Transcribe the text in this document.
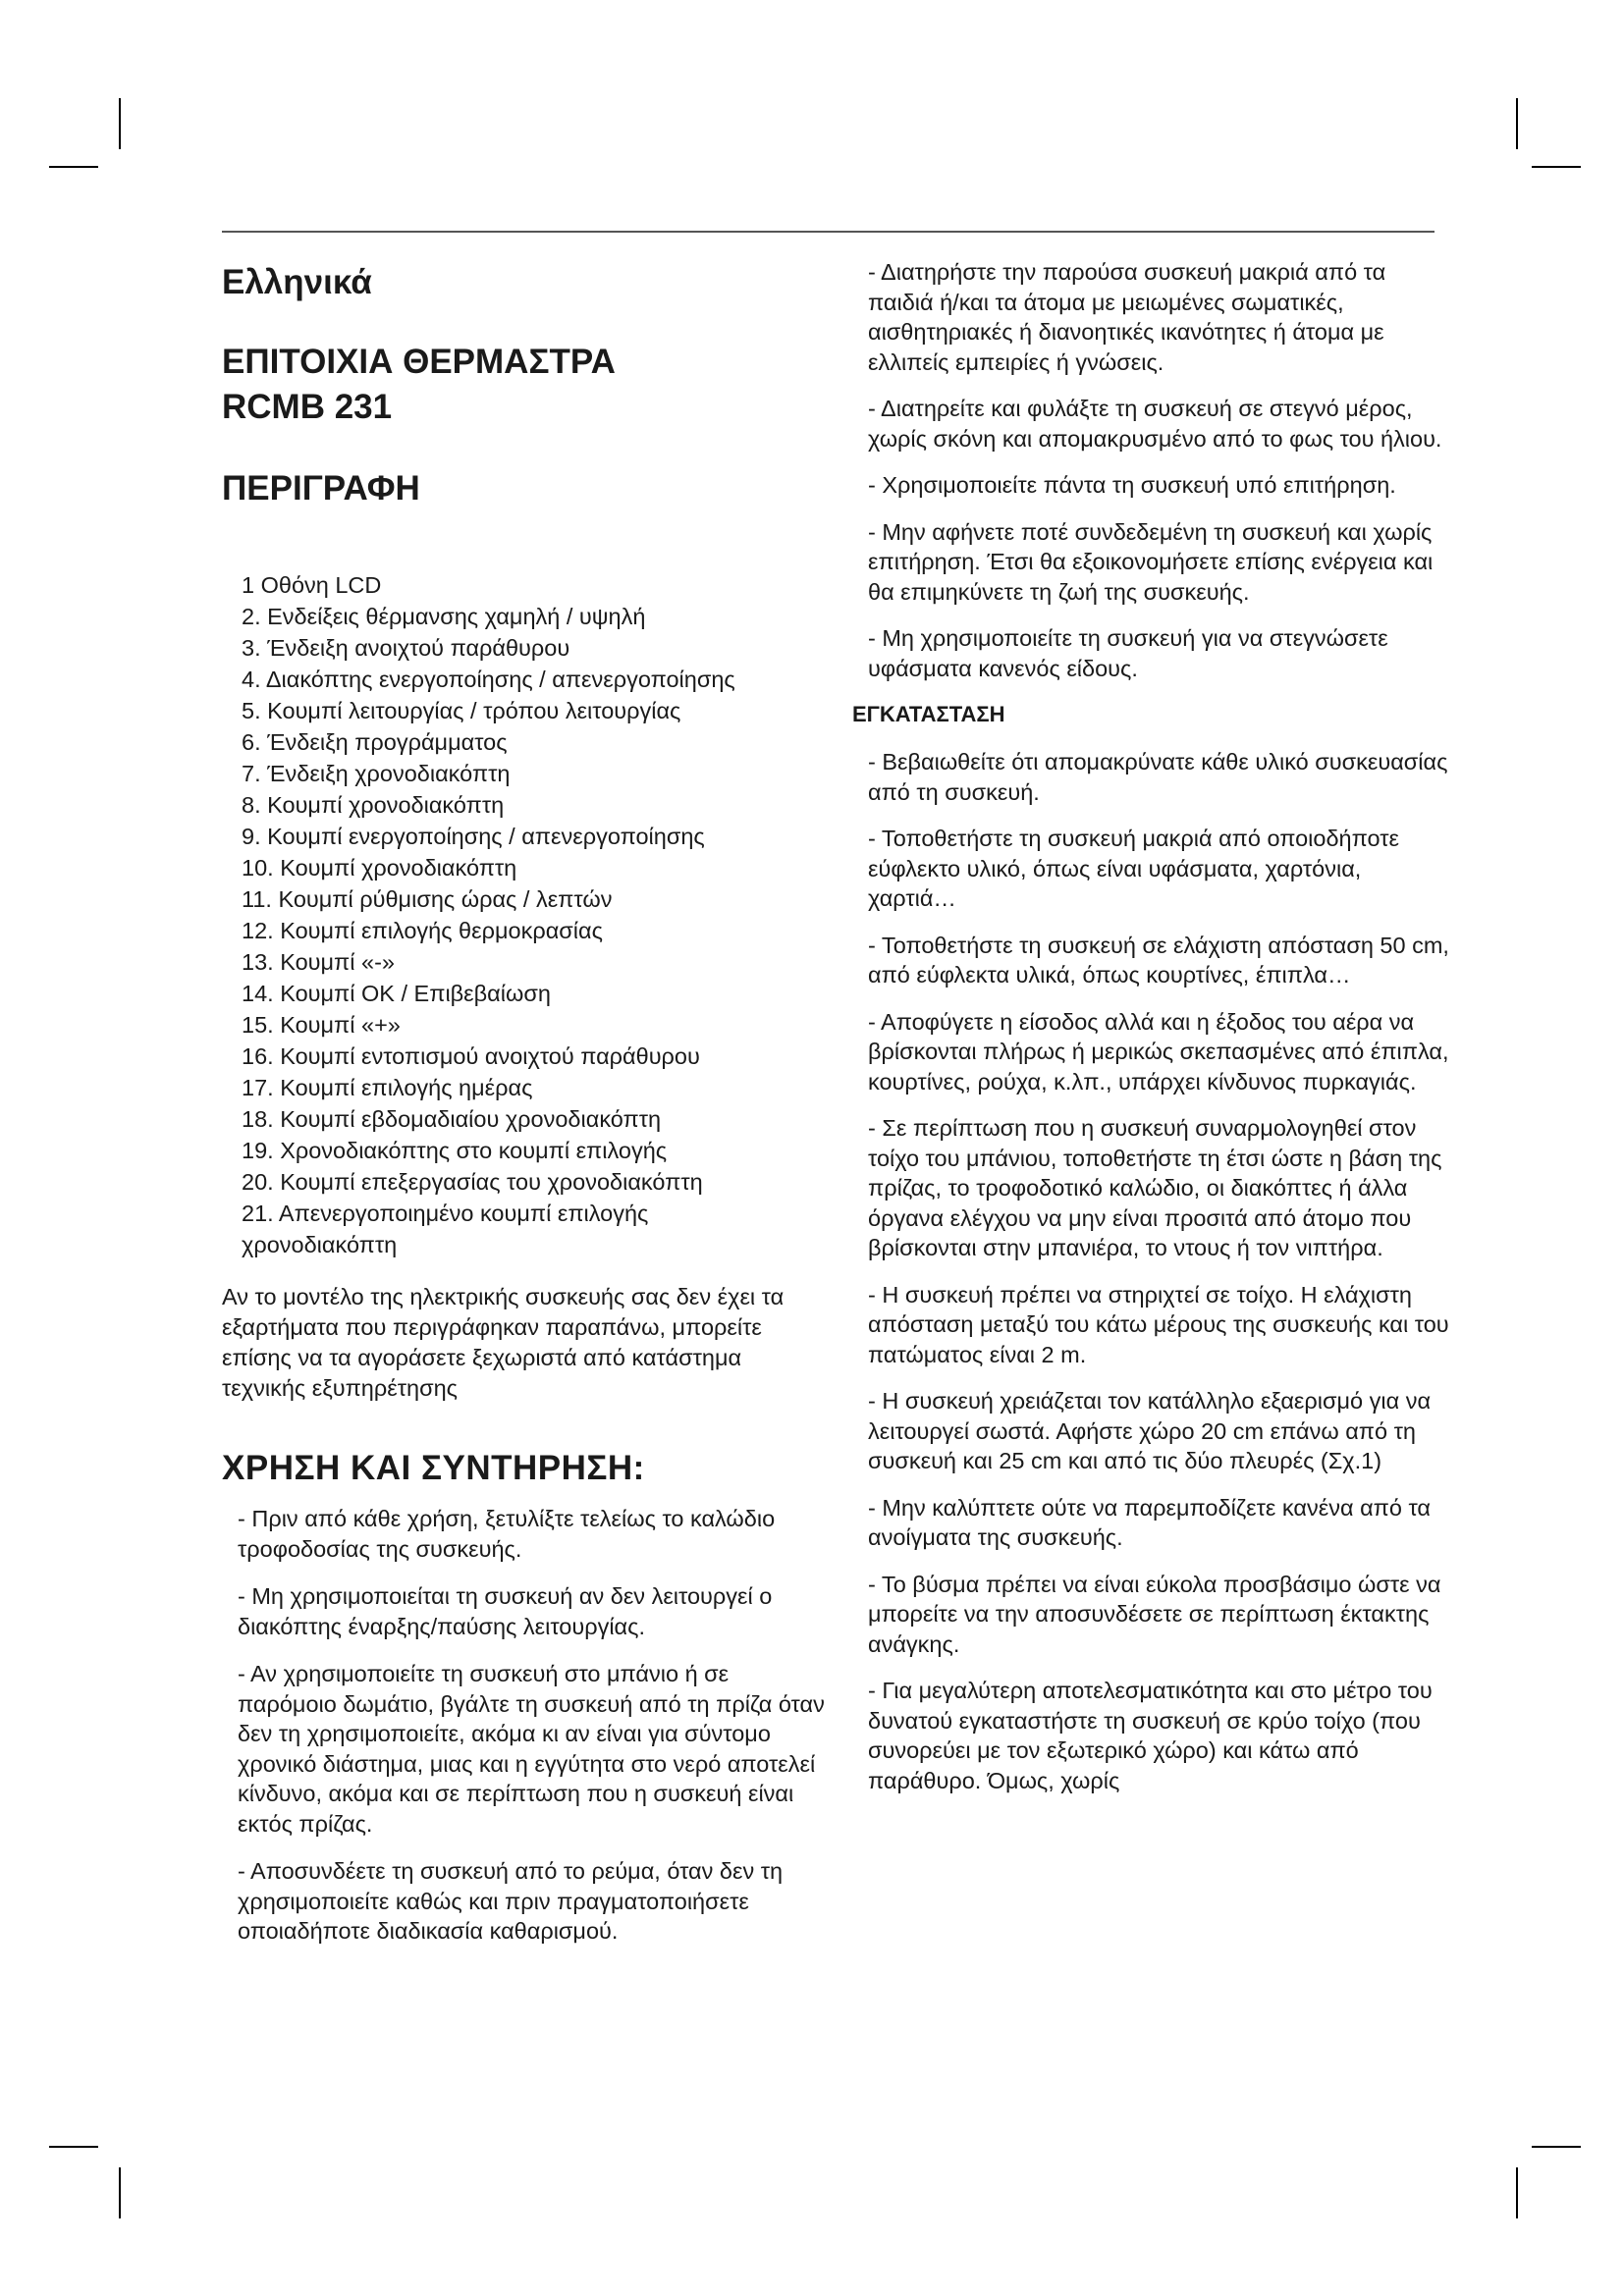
Ελληνικά
ΕΠΙΤΟΙΧΙΑ ΘΕΡΜΑΣΤΡΑ
RCMB 231
ΠΕΡΙΓΡΑΦΗ
1 Οθόνη LCD
2. Ενδείξεις θέρμανσης χαμηλή / υψηλή
3. Ένδειξη ανοιχτού παράθυρου
4. Διακόπτης ενεργοποίησης / απενεργοποίησης
5. Κουμπί λειτουργίας / τρόπου λειτουργίας
6. Ένδειξη προγράμματος
7. Ένδειξη χρονοδιακόπτη
8. Κουμπί χρονοδιακόπτη
9. Κουμπί ενεργοποίησης / απενεργοποίησης
10. Κουμπί χρονοδιακόπτη
11. Κουμπί ρύθμισης ώρας / λεπτών
12. Κουμπί επιλογής θερμοκρασίας
13. Κουμπί «-»
14. Κουμπί ΟΚ / Επιβεβαίωση
15. Κουμπί «+»
16. Κουμπί εντοπισμού ανοιχτού παράθυρου
17. Κουμπί επιλογής ημέρας
18. Κουμπί εβδομαδιαίου χρονοδιακόπτη
19. Χρονοδιακόπτης στο κουμπί επιλογής
20. Κουμπί επεξεργασίας του χρονοδιακόπτη
21. Απενεργοποιημένο κουμπί επιλογής χρονοδιακόπτη

Αν το μοντέλο της ηλεκτρικής συσκευής σας δεν έχει τα εξαρτήματα που περιγράφηκαν παραπάνω, μπορείτε επίσης να τα αγοράσετε ξεχωριστά από κατάστημα τεχνικής εξυπηρέτησης

ΧΡΗΣΗ ΚΑΙ ΣΥΝΤΗΡΗΣΗ:
- Πριν από κάθε χρήση, ξετυλίξτε τελείως το καλώδιο τροφοδοσίας της συσκευής.
- Μη χρησιμοποιείται τη συσκευή αν δεν λειτουργεί ο διακόπτης έναρξης/παύσης λειτουργίας.
- Αν χρησιμοποιείτε τη συσκευή στο μπάνιο ή σε παρόμοιο δωμάτιο, βγάλτε τη συσκευή από τη πρίζα όταν δεν τη χρησιμοποιείτε, ακόμα κι αν είναι για σύντομο χρονικό διάστημα, μιας και η εγγύτητα στο νερό αποτελεί κίνδυνο, ακόμα και σε περίπτωση που η συσκευή είναι εκτός πρίζας.
- Αποσυνδέετε τη συσκευή από το ρεύμα, όταν δεν τη χρησιμοποιείτε καθώς και πριν πραγματοποιήσετε οποιαδήποτε διαδικασία καθαρισμού.
- Διατηρήστε την παρούσα συσκευή μακριά από τα παιδιά ή/και τα άτομα με μειωμένες σωματικές, αισθητηριακές ή διανοητικές ικανότητες ή άτομα με ελλιπείς εμπειρίες ή γνώσεις.
- Διατηρείτε και φυλάξτε τη συσκευή σε στεγνό μέρος, χωρίς σκόνη και απομακρυσμένο από το φως του ήλιου.
- Χρησιμοποιείτε πάντα τη συσκευή υπό επιτήρηση.
- Μην αφήνετε ποτέ συνδεδεμένη τη συσκευή και χωρίς επιτήρηση. Έτσι θα εξοικονομήσετε επίσης ενέργεια και θα επιμηκύνετε τη ζωή της συσκευής.
- Μη χρησιμοποιείτε τη συσκευή για να στεγνώσετε υφάσματα κανενός είδους.
ΕΓΚΑΤΑΣΤΑΣΗ
- Βεβαιωθείτε ότι απομακρύνατε κάθε υλικό συσκευασίας από τη συσκευή.
- Τοποθετήστε τη συσκευή μακριά από οποιοδήποτε εύφλεκτο υλικό, όπως είναι υφάσματα, χαρτόνια, χαρτιά…
- Τοποθετήστε τη συσκευή σε ελάχιστη απόσταση 50 cm, από εύφλεκτα υλικά, όπως κουρτίνες, έπιπλα…
- Αποφύγετε η είσοδος αλλά και η έξοδος του αέρα να βρίσκονται πλήρως ή μερικώς σκεπασμένες από έπιπλα, κουρτίνες, ρούχα, κ.λπ., υπάρχει κίνδυνος πυρκαγιάς.
- Σε περίπτωση που η συσκευή συναρμολογηθεί στον τοίχο του μπάνιου, τοποθετήστε τη έτσι ώστε η βάση της πρίζας, το τροφοδοτικό καλώδιο, οι διακόπτες ή άλλα όργανα ελέγχου να μην είναι προσιτά από άτομο που βρίσκονται στην μπανιέρα, το ντους ή τον νιπτήρα.
- Η συσκευή πρέπει να στηριχτεί σε τοίχο. Η ελάχιστη απόσταση μεταξύ του κάτω μέρους της συσκευής και του πατώματος είναι 2 m.
- Η συσκευή χρειάζεται τον κατάλληλο εξαερισμό για να λειτουργεί σωστά. Αφήστε χώρο 20 cm επάνω από τη συσκευή και 25 cm και από τις δύο πλευρές (Σχ.1)
- Μην καλύπτετε ούτε να παρεμποδίζετε κανένα από τα ανοίγματα της συσκευής.
- Το βύσμα πρέπει να είναι εύκολα προσβάσιμο ώστε να μπορείτε να την αποσυνδέσετε σε περίπτωση έκτακτης ανάγκης.
- Για μεγαλύτερη αποτελεσματικότητα και στο μέτρο του δυνατού εγκαταστήστε τη συσκευή σε κρύο τοίχο (που συνορεύει με τον εξωτερικό χώρο) και κάτω από παράθυρο. Όμως, χωρίς
